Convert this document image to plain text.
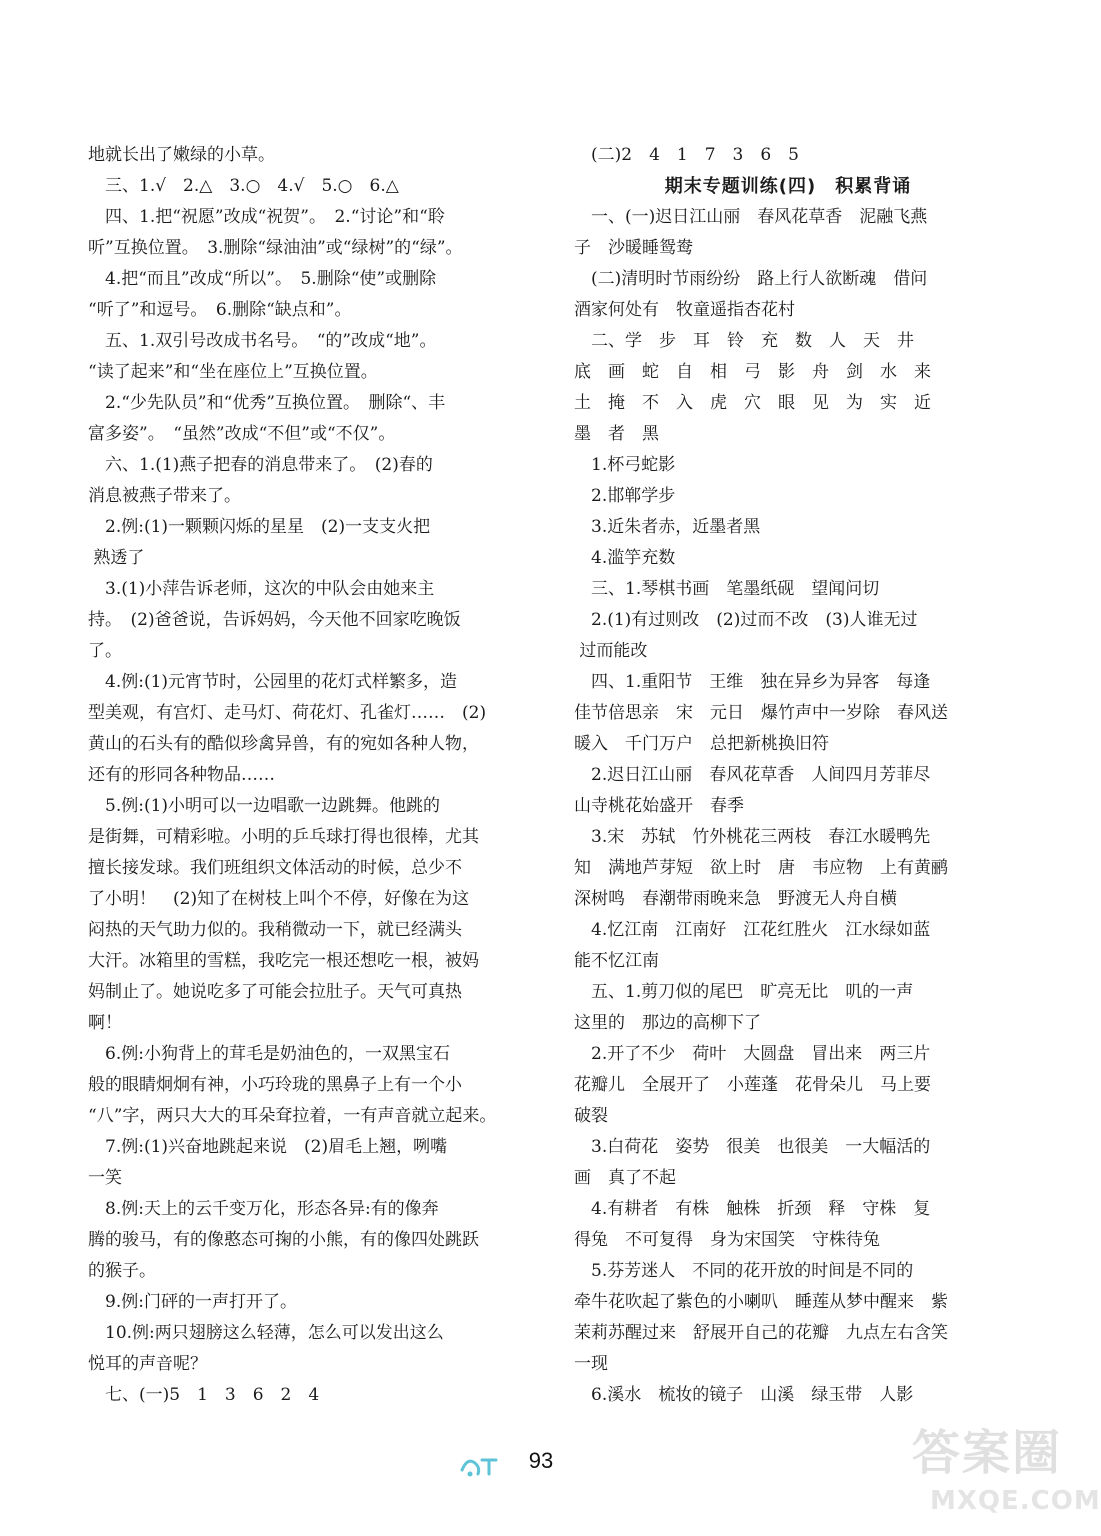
地就长出了嫩绿的小草。
　三、1.√　2.△　3.○　4.√　5.○　6.△
　四、1.把“祝愿”改成“祝贺”。　2.“讨论”和“聆
听”互换位置。　3.删除“绿油油”或“绿树”的“绿”。
　4.把“而且”改成“所以”。　5.删除“使”或删除
“听了”和逗号。　6.删除“缺点和”。
　五、1.双引号改成书名号。　“的”改成“地”。
“读了起来”和“坐在座位上”互换位置。
　2.“少先队员”和“优秀”互换位置。　删除“、丰
富多姿”。　“虽然”改成“不但”或“不仅”。
　六、1.(1)燕子把春的消息带来了。　(2)春的
消息被燕子带来了。
　2.例:(1)一颗颗闪烁的星星　(2)一支支火把
熟透了
　3.(1)小萍告诉老师，这次的中队会由她来主
持。　(2)爸爸说，告诉妈妈，今天他不回家吃晚饭
了。
　4.例:(1)元宵节时，公园里的花灯式样繁多，造
型美观，有宫灯、走马灯、荷花灯、孔雀灯……　(2)
黄山的石头有的酷似珍禽异兽，有的宛如各种人物，
还有的形同各种物品……
　5.例:(1)小明可以一边唱歌一边跳舞。他跳的
是街舞，可精彩啦。小明的乒乓球打得也很棒，尤其
擅长接发球。我们班组织文体活动的时候，总少不
了小明！　(2)知了在树枝上叫个不停，好像在为这
闷热的天气助力似的。我稍微动一下，就已经满头
大汗。冰箱里的雪糕，我吃完一根还想吃一根，被妈
妈制止了。她说吃多了可能会拉肚子。天气可真热
啊！
　6.例:小狗背上的茸毛是奶油色的，一双黑宝石
般的眼睛炯炯有神，小巧玲珑的黑鼻子上有一个小
“八”字，两只大大的耳朵耷拉着，一有声音就立起来。
　7.例:(1)兴奋地跳起来说　(2)眉毛上翘，咧嘴
一笑
　8.例:天上的云千变万化，形态各异:有的像奔
腾的骏马，有的像憨态可掬的小熊，有的像四处跳跃
的猴子。
　9.例:门砰的一声打开了。
　10.例:两只翅膀这么轻薄，怎么可以发出这么
悦耳的声音呢？
　七、(一)5　1　3　6　2　4
　(二)2　4　1　7　3　6　5
期末专题训练(四)　积累背诵
　一、(一)迟日江山丽　春风花草香　泥融飞燕
子　沙暖睡鸳鸯
　(二)清明时节雨纷纷　路上行人欲断魂　借问
酒家何处有　牧童遥指杏花村
　二、学　步　耳　铃　充　数　人　天　井
底　画　蛇　自　相　弓　影　舟　剑　水　来
土　掩　不　入　虎　穴　眼　见　为　实　近
墨　者　黑
　1.杯弓蛇影
　2.邯郸学步
　3.近朱者赤，近墨者黑
　4.滥竽充数
　三、1.琴棋书画　笔墨纸砚　望闻问切
　2.(1)有过则改　(2)过而不改　(3)人谁无过
过而能改
　四、1.重阳节　王维　独在异乡为异客　每逢
佳节倍思亲　宋　元日　爆竹声中一岁除　春风送
暖入　千门万户　总把新桃换旧符
　2.迟日江山丽　春风花草香　人间四月芳菲尽
山寺桃花始盛开　春季
　3.宋　苏轼　竹外桃花三两枝　春江水暖鸭先
知　满地芦芽短　欲上时　唐　韦应物　上有黄鹂
深树鸣　春潮带雨晚来急　野渡无人舟自横
　4.忆江南　江南好　江花红胜火　江水绿如蓝
能不忆江南
　五、1.剪刀似的尾巴　旷亮无比　叽的一声
这里的　那边的高柳下了
　2.开了不少　荷叶　大圆盘　冒出来　两三片
花瓣儿　全展开了　小莲蓬　花骨朵儿　马上要
破裂
　3.白荷花　姿势　很美　也很美　一大幅活的
画　真了不起
　4.有耕者　有株　触株　折颈　释　守株　复
得兔　不可复得　身为宋国笑　守株待兔
　5.芬芳迷人　不同的花开放的时间是不同的
牵牛花吹起了紫色的小喇叭　睡莲从梦中醒来　紫
茉莉苏醒过来　舒展开自己的花瓣　九点左右含笑
一现
　6.溪水　梳妆的镜子　山溪　绿玉带　人影
93	答案圈
MXQE.COM
